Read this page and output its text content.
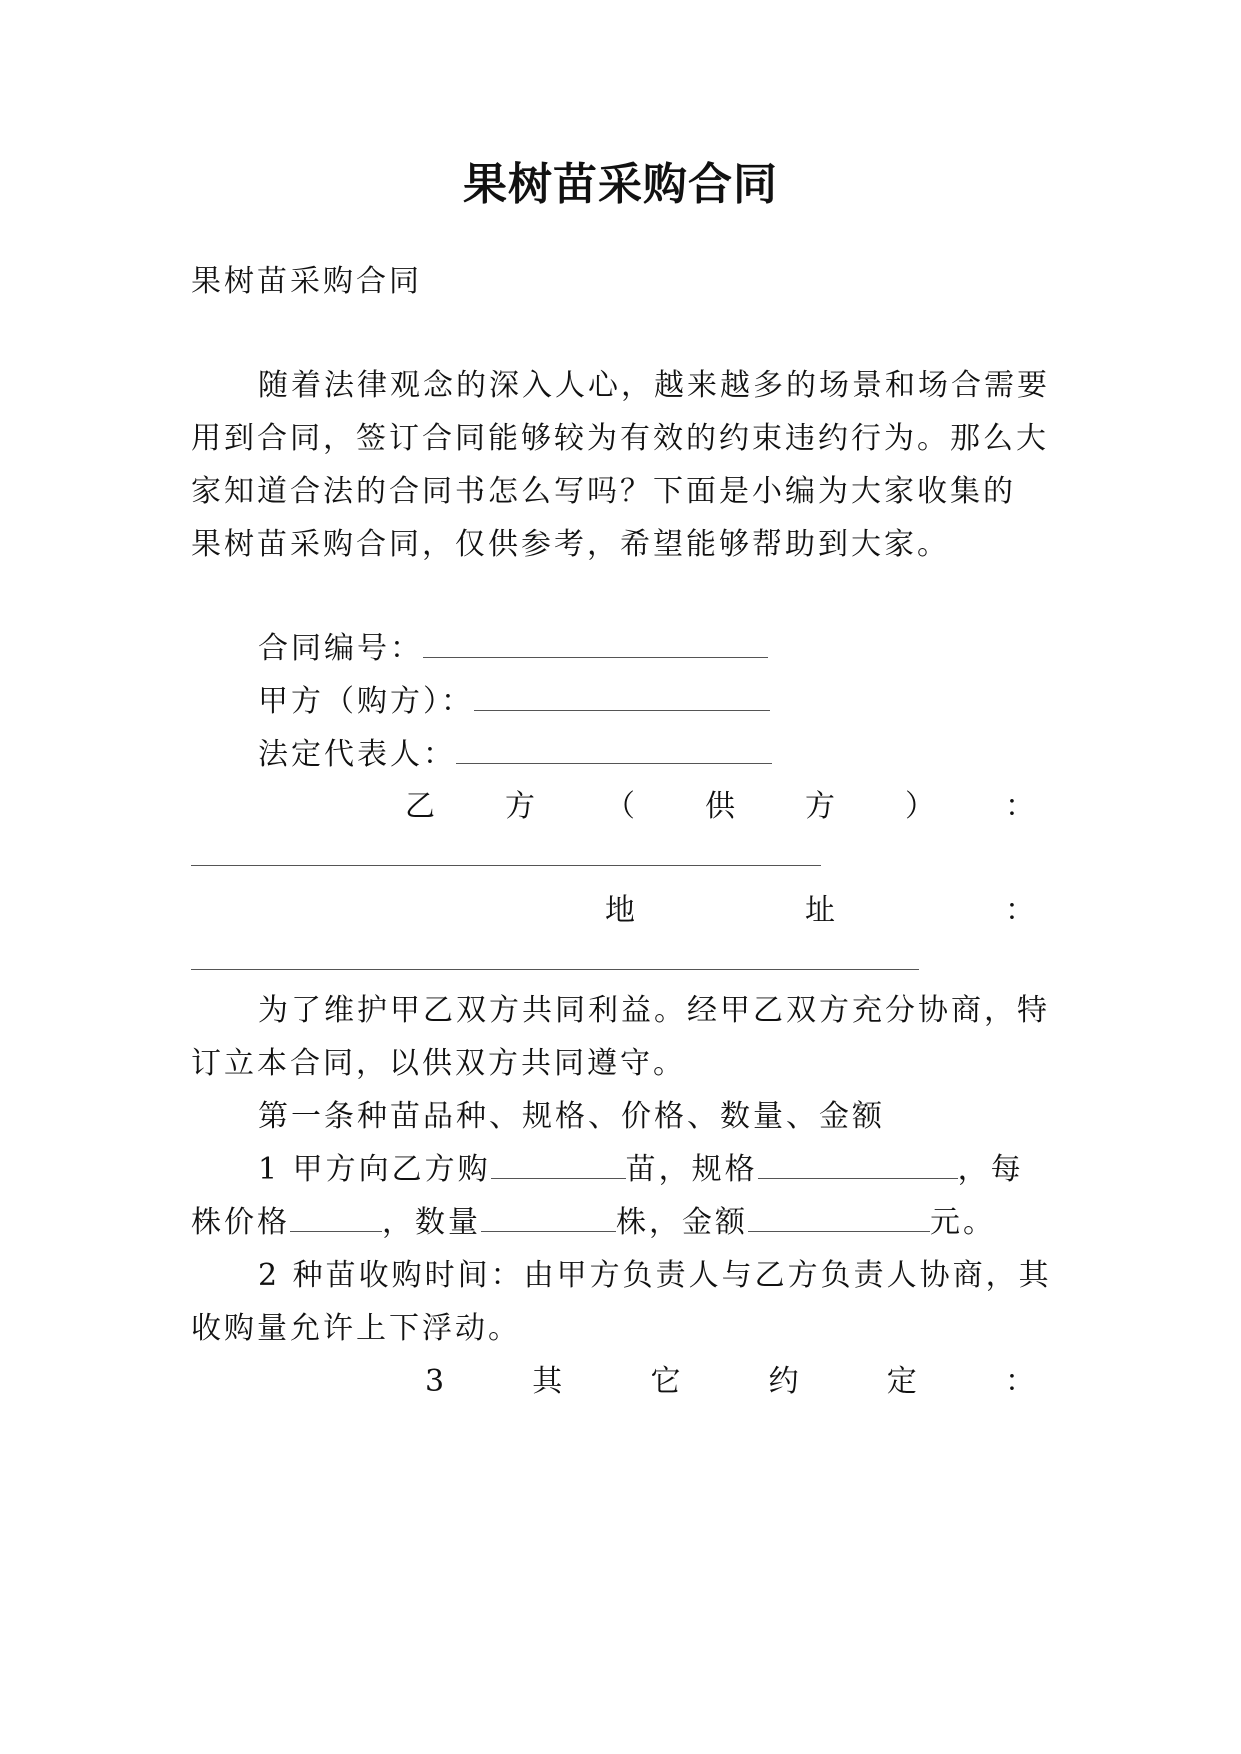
果树苗采购合同
果树苗采购合同
随着法律观念的深入人心，越来越多的场景和场合需要
用到合同，签订合同能够较为有效的约束违约行为。那么大
家知道合法的合同书怎么写吗？下面是小编为大家收集的
果树苗采购合同，仅供参考，希望能够帮助到大家。
合同编号：
甲方（购方）：
法定代表人：
乙 方 （ 供 方 ） ：
地	址	：
为了维护甲乙双方共同利益。经甲乙双方充分协商，特
订立本合同，以供双方共同遵守。
第一条种苗品种、规格、价格、数量、金额
1 甲方向乙方购	苗，规格	，每
株价格	，数量	株，金额	元。
2 种苗收购时间：由甲方负责人与乙方负责人协商，其
收购量允许上下浮动。
3	其	它	约	定	：
